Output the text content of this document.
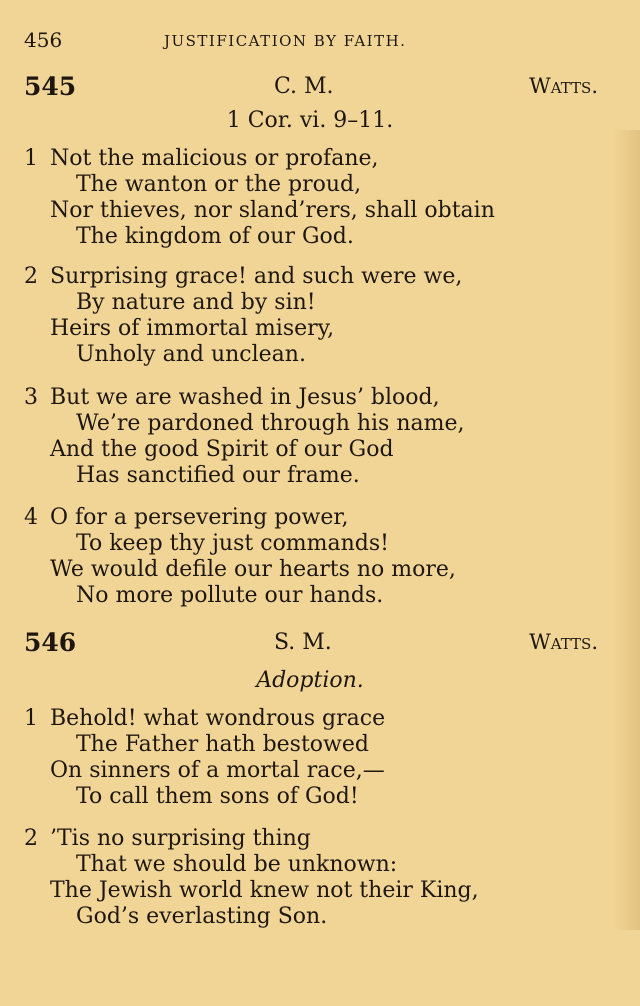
456	JUSTIFICATION BY FAITH.
545	C. M.	Watts.
1 Cor. vi. 9–11.
1 Not the malicious or profane,
The wanton or the proud,
Nor thieves, nor sland’rers, shall obtain
The kingdom of our God.
2 Surprising grace! and such were we,
By nature and by sin!
Heirs of immortal misery,
Unholy and unclean.
3 But we are washed in Jesus’ blood,
We’re pardoned through his name,
And the good Spirit of our God
Has sanctified our frame.
4 O for a persevering power,
To keep thy just commands!
We would defile our hearts no more,
No more pollute our hands.
546	S. M.	Watts.
Adoption.
1 Behold! what wondrous grace
The Father hath bestowed
On sinners of a mortal race,—
To call them sons of God!
2 ’Tis no surprising thing
That we should be unknown:
The Jewish world knew not their King,
God’s everlasting Son.
